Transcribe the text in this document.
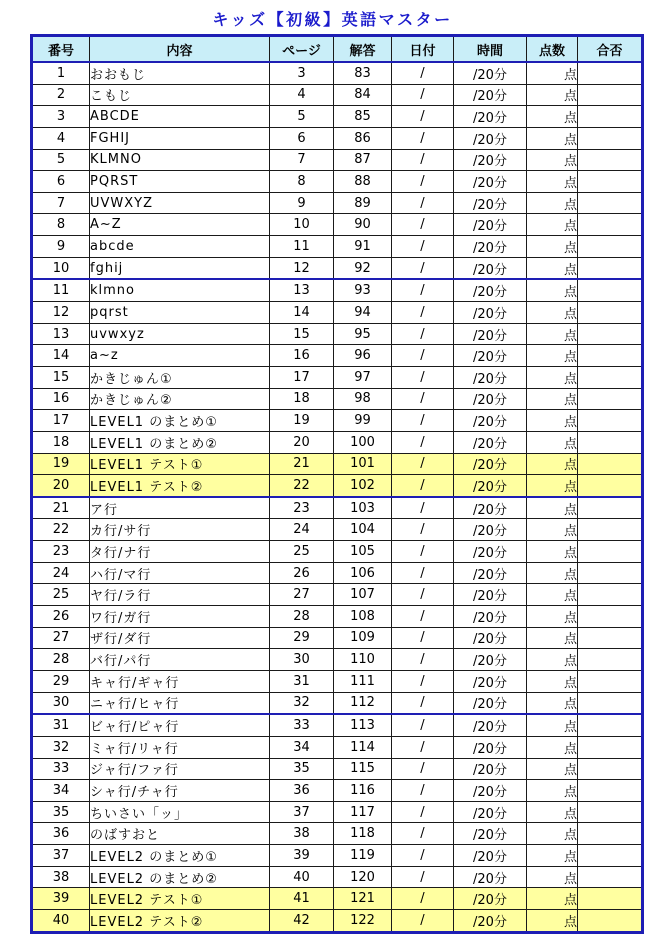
キッズ【初級】英語マスター
番号	内容	ページ	解答	日付	時間	点数	合否
1	おおもじ	3	83	/	/20分	点	
2	こもじ	4	84	/	/20分	点	
3	ABCDE	5	85	/	/20分	点	
4	FGHIJ	6	86	/	/20分	点	
5	KLMNO	7	87	/	/20分	点	
6	PQRST	8	88	/	/20分	点	
7	UVWXYZ	9	89	/	/20分	点	
8	A~Z	10	90	/	/20分	点	
9	abcde	11	91	/	/20分	点	
10	fghij	12	92	/	/20分	点	
11	klmno	13	93	/	/20分	点	
12	pqrst	14	94	/	/20分	点	
13	uvwxyz	15	95	/	/20分	点	
14	a~z	16	96	/	/20分	点	
15	かきじゅん①	17	97	/	/20分	点	
16	かきじゅん②	18	98	/	/20分	点	
17	LEVEL1 のまとめ①	19	99	/	/20分	点	
18	LEVEL1 のまとめ②	20	100	/	/20分	点	
19	LEVEL1 テスト①	21	101	/	/20分	点	
20	LEVEL1 テスト②	22	102	/	/20分	点	
21	ア行	23	103	/	/20分	点	
22	カ行/サ行	24	104	/	/20分	点	
23	タ行/ナ行	25	105	/	/20分	点	
24	ハ行/マ行	26	106	/	/20分	点	
25	ヤ行/ラ行	27	107	/	/20分	点	
26	ワ行/ガ行	28	108	/	/20分	点	
27	ザ行/ダ行	29	109	/	/20分	点	
28	バ行/パ行	30	110	/	/20分	点	
29	キャ行/ギャ行	31	111	/	/20分	点	
30	ニャ行/ヒャ行	32	112	/	/20分	点	
31	ビャ行/ピャ行	33	113	/	/20分	点	
32	ミャ行/リャ行	34	114	/	/20分	点	
33	ジャ行/ファ行	35	115	/	/20分	点	
34	シャ行/チャ行	36	116	/	/20分	点	
35	ちいさい「ッ」	37	117	/	/20分	点	
36	のばすおと	38	118	/	/20分	点	
37	LEVEL2 のまとめ①	39	119	/	/20分	点	
38	LEVEL2 のまとめ②	40	120	/	/20分	点	
39	LEVEL2 テスト①	41	121	/	/20分	点	
40	LEVEL2 テスト②	42	122	/	/20分	点	
